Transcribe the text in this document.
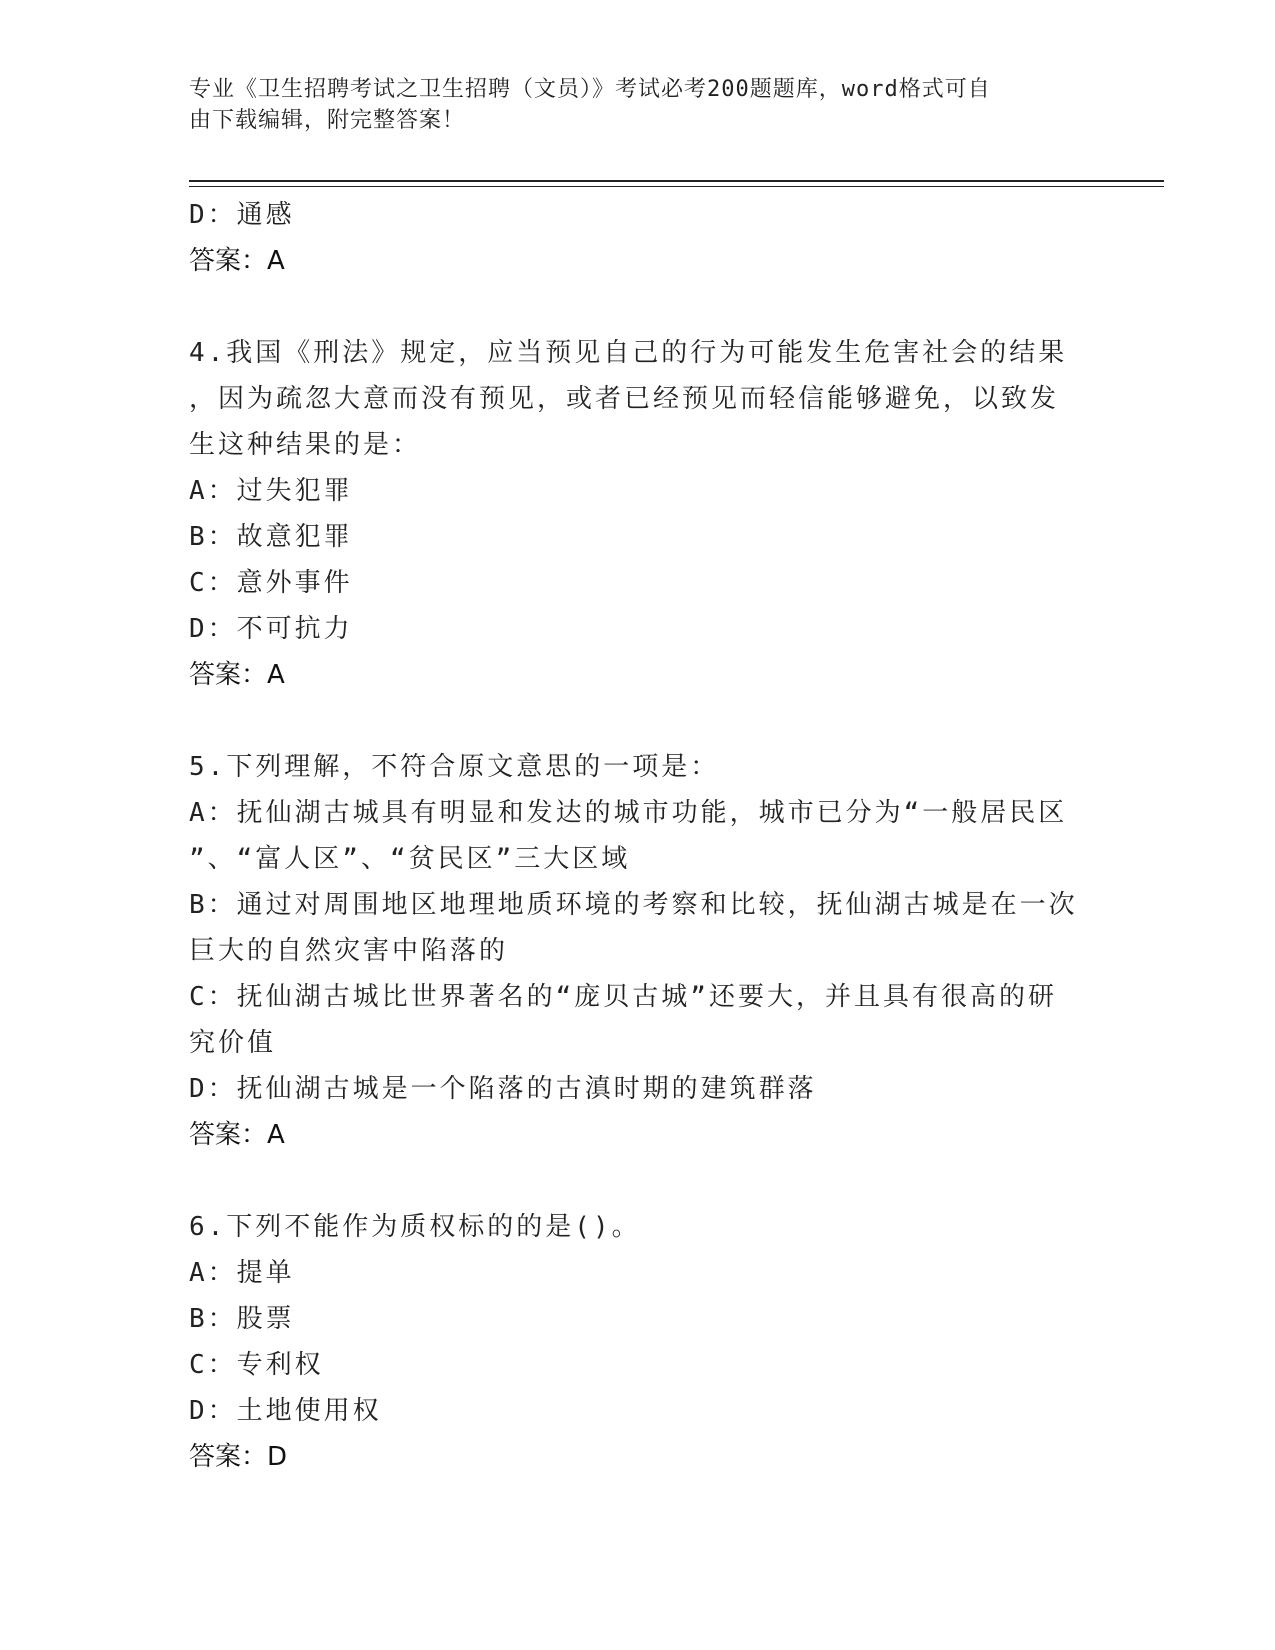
专业《卫生招聘考试之卫生招聘（文员）》考试必考200题题库，word格式可自
由下载编辑，附完整答案！
D：通感
答案：A
4.我国《刑法》规定，应当预见自己的行为可能发生危害社会的结果
，因为疏忽大意而没有预见，或者已经预见而轻信能够避免，以致发
生这种结果的是：
A：过失犯罪
B：故意犯罪
C：意外事件
D：不可抗力
答案：A
5.下列理解，不符合原文意思的一项是：
A：抚仙湖古城具有明显和发达的城市功能，城市已分为“一般居民区
”、“富人区”、“贫民区”三大区域
B：通过对周围地区地理地质环境的考察和比较，抚仙湖古城是在一次
巨大的自然灾害中陷落的
C：抚仙湖古城比世界著名的“庞贝古城”还要大，并且具有很高的研
究价值
D：抚仙湖古城是一个陷落的古滇时期的建筑群落
答案：A
6.下列不能作为质权标的的是()。
A：提单
B：股票
C：专利权
D：土地使用权
答案：D
